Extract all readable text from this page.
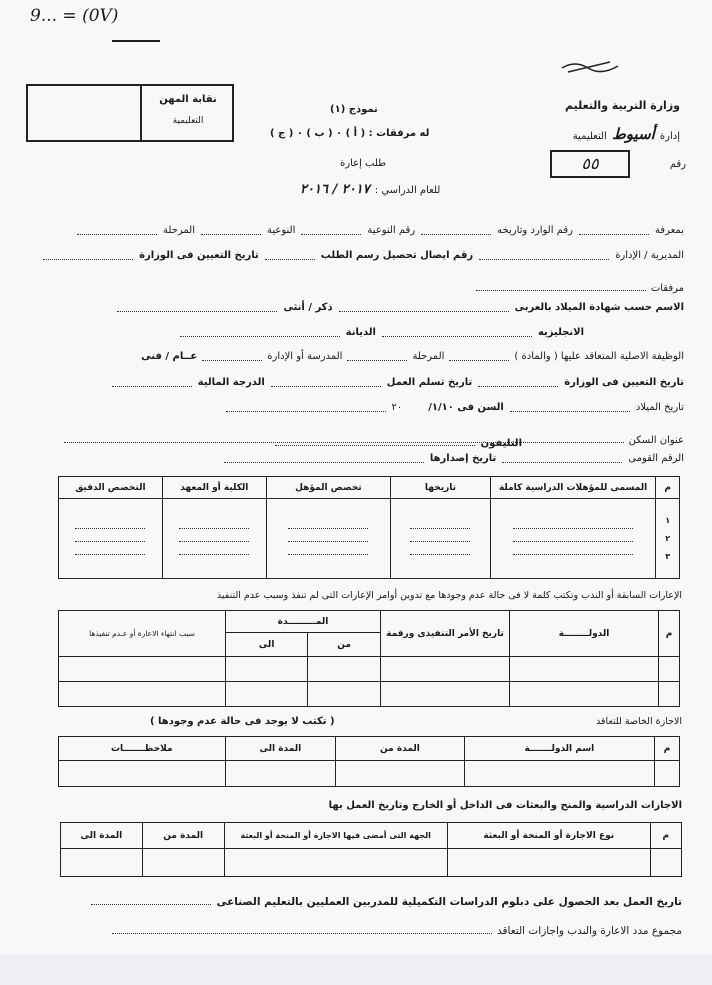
9... = (0V)
نقابة المهن
التعليمية
وزارة التربية والتعليم
إدارة أسيوط التعليمية
رقم
٥٥
نموذج (١)
له مرفقات : ( أ ) ٠ ( ب ) ٠ ( ج )
طلب إعارة
للعام الدراسي : ٢٠١٧ / ٢٠١٦
بمعرفة
رقم الوارد وتاريخه
رقم النوعية
النوعية
المرحلة
المديرية / الإدارة
رقم ايصال تحصيل رسم الطلب
تاريخ التعيين فى الوزارة
مرفقات
الاسم حسب شهادة الميلاد بالعربى
ذكر / أنثى
الانجليزيه
الديانة
الوظيفة الاصلية المتعاقد عليها ( والمادة )
المرحلة
المدرسة أو الإدارة
عــام / فنى
تاريخ التعيين فى الوزارة
تاريخ تسلم العمل
الدرجة المالية
تاريخ الميلاد
السن فى ١/١٠/
٢٠
عنوان السكن
التليفون
الرقم القومى
تاريخ إصدارها
م	المسمى للمؤهلات الدراسية كاملة	تاريخها	تخصص المؤهل	الكلية أو المعهد	التخصص الدقيق

١
٢
٣					

الإعارات السابقة أو الندب وتكتب كلمة لا فى حالة عدم وجودها مع تدوين أوامر الإعارات التى لم تنفذ وسبب عدم التنفيذ
م	الدولــــــــة	تاريخ الأمر التنفيذى ورقمة	المـــــــــدة		سبب انتهاء الاعارة أو عـدم تنفيذها
			من	الى	

الاجازة الخاصة للتعاقد
( تكتب لا يوجد فى حالة عدم وجودها )
م	اسم الدولـــــــة	المدة من	المدة الى	ملاحظـــــــات

الاجازات الدراسية والمنح والبعثات فى الداخل أو الخارج وتاريخ العمل بها
م	نوع الاجازة أو المنحة أو البعثة	الجهة التى أمضى فيها الاجازة أو المنحة أو البعثة	المدة من	المدة الى

تاريخ العمل بعد الحصول على دبلوم الدراسات التكميلية للمدربين العمليين بالتعليم الصناعى
مجموع مدد الاعارة والندب واجازات التعاقد
